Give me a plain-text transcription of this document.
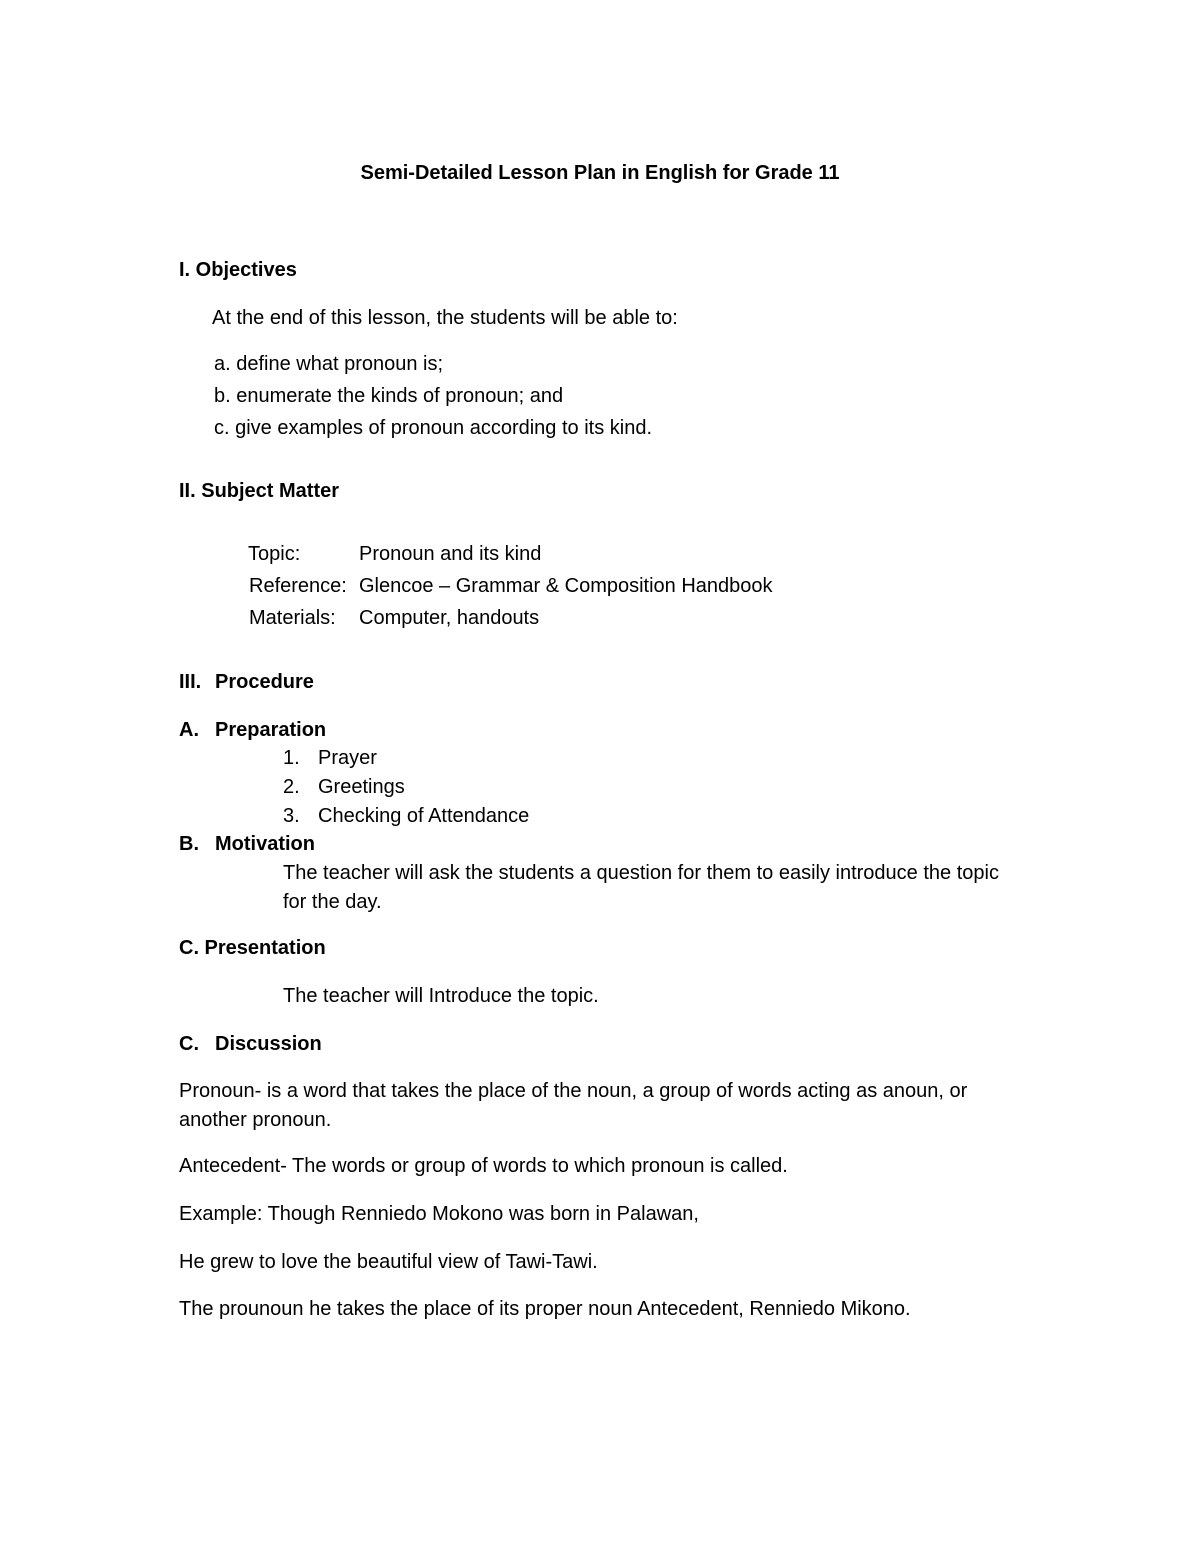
Semi-Detailed Lesson Plan in English for Grade 11
I. Objectives
At the end of this lesson, the students will be able to:
a. define what pronoun is;
b. enumerate the kinds of pronoun; and
c. give examples of pronoun according to its kind.
II. Subject Matter
Topic:	Pronoun and its kind
Reference: Glencoe – Grammar & Composition Handbook
Materials: Computer, handouts
III. Procedure
A. Preparation
1. Prayer
2. Greetings
3. Checking of Attendance
B. Motivation
The teacher will ask the students a question for them to easily introduce the topic
for the day.
C. Presentation
The teacher will Introduce the topic.
C. Discussion
Pronoun- is a word that takes the place of the noun, a group of words acting as anoun, or
another pronoun.
Antecedent- The words or group of words to which pronoun is called.
Example: Though Renniedo Mokono was born in Palawan,
He grew to love the beautiful view of Tawi-Tawi.
The prounoun he takes the place of its proper noun Antecedent, Renniedo Mikono.
